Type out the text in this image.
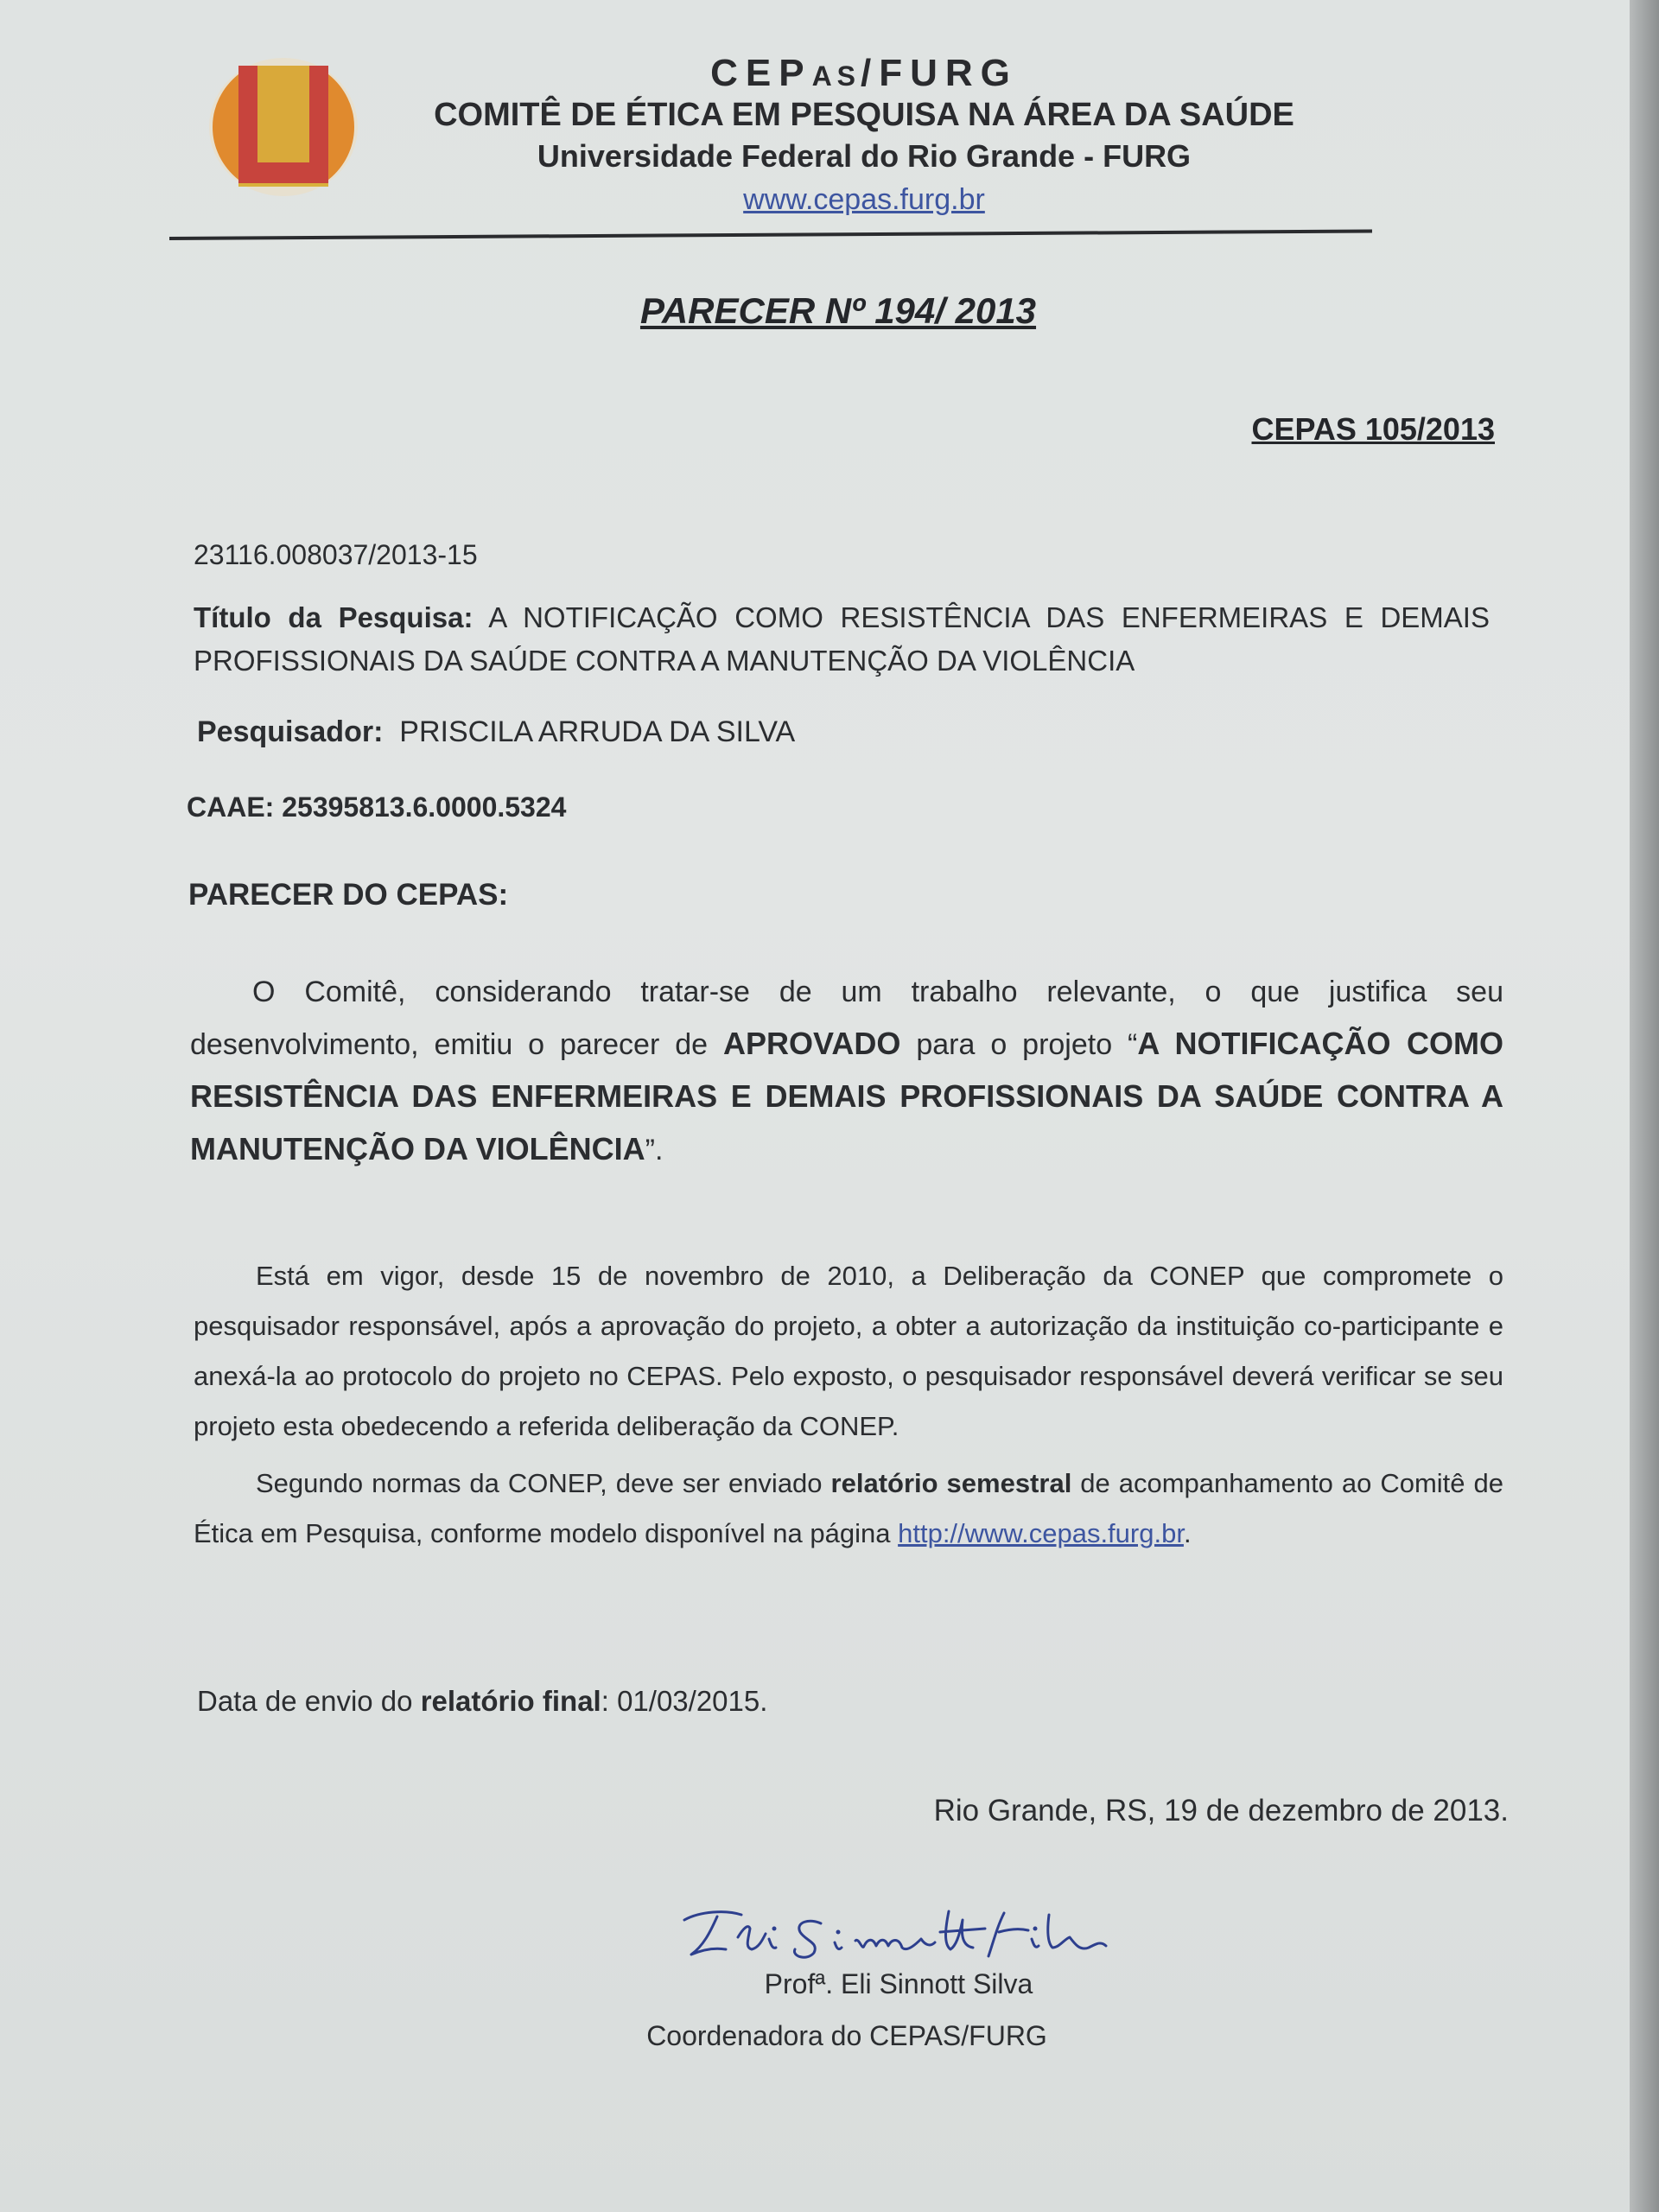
CEPAS/FURG
COMITÊ DE ÉTICA EM PESQUISA NA ÁREA DA SAÚDE
Universidade Federal do Rio Grande - FURG
www.cepas.furg.br
PARECER Nº 194/ 2013
CEPAS 105/2013
23116.008037/2013-15
Título da Pesquisa: A NOTIFICAÇÃO COMO RESISTÊNCIA DAS ENFERMEIRAS E DEMAIS PROFISSIONAIS DA SAÚDE CONTRA A MANUTENÇÃO DA VIOLÊNCIA
Pesquisador: PRISCILA ARRUDA DA SILVA
CAAE: 25395813.6.0000.5324
PARECER DO CEPAS:
O Comitê, considerando tratar-se de um trabalho relevante, o que justifica seu desenvolvimento, emitiu o parecer de APROVADO para o projeto “A NOTIFICAÇÃO COMO RESISTÊNCIA DAS ENFERMEIRAS E DEMAIS PROFISSIONAIS DA SAÚDE CONTRA A MANUTENÇÃO DA VIOLÊNCIA”.
Está em vigor, desde 15 de novembro de 2010, a Deliberação da CONEP que compromete o pesquisador responsável, após a aprovação do projeto, a obter a autorização da instituição co-participante e anexá-la ao protocolo do projeto no CEPAS. Pelo exposto, o pesquisador responsável deverá verificar se seu projeto esta obedecendo a referida deliberação da CONEP.
Segundo normas da CONEP, deve ser enviado relatório semestral de acompanhamento ao Comitê de Ética em Pesquisa, conforme modelo disponível na página http://www.cepas.furg.br.
Data de envio do relatório final: 01/03/2015.
Rio Grande, RS, 19 de dezembro de 2013.
Profª. Eli Sinnott Silva
Coordenadora do CEPAS/FURG
